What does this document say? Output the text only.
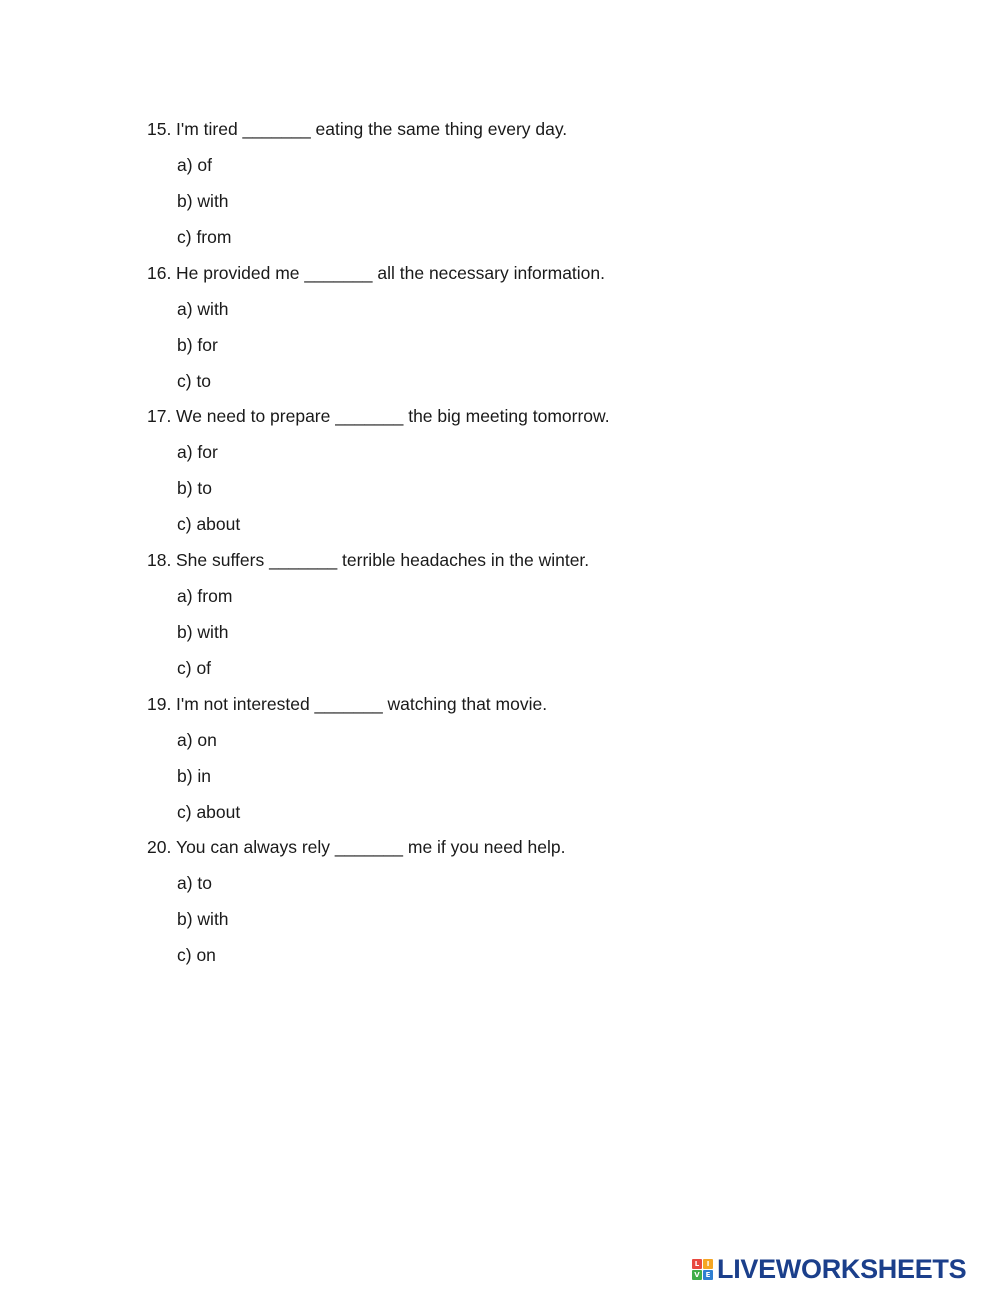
15. I'm tired _______ eating the same thing every day.
a) of
b) with
c) from
16. He provided me _______ all the necessary information.
a) with
b) for
c) to
17. We need to prepare _______ the big meeting tomorrow.
a) for
b) to
c) about
18. She suffers _______ terrible headaches in the winter.
a) from
b) with
c) of
19. I'm not interested _______ watching that movie.
a) on
b) in
c) about
20. You can always rely _______ me if you need help.
a) to
b) with
c) on
L	I
V E LIVEWORKSHEETS
